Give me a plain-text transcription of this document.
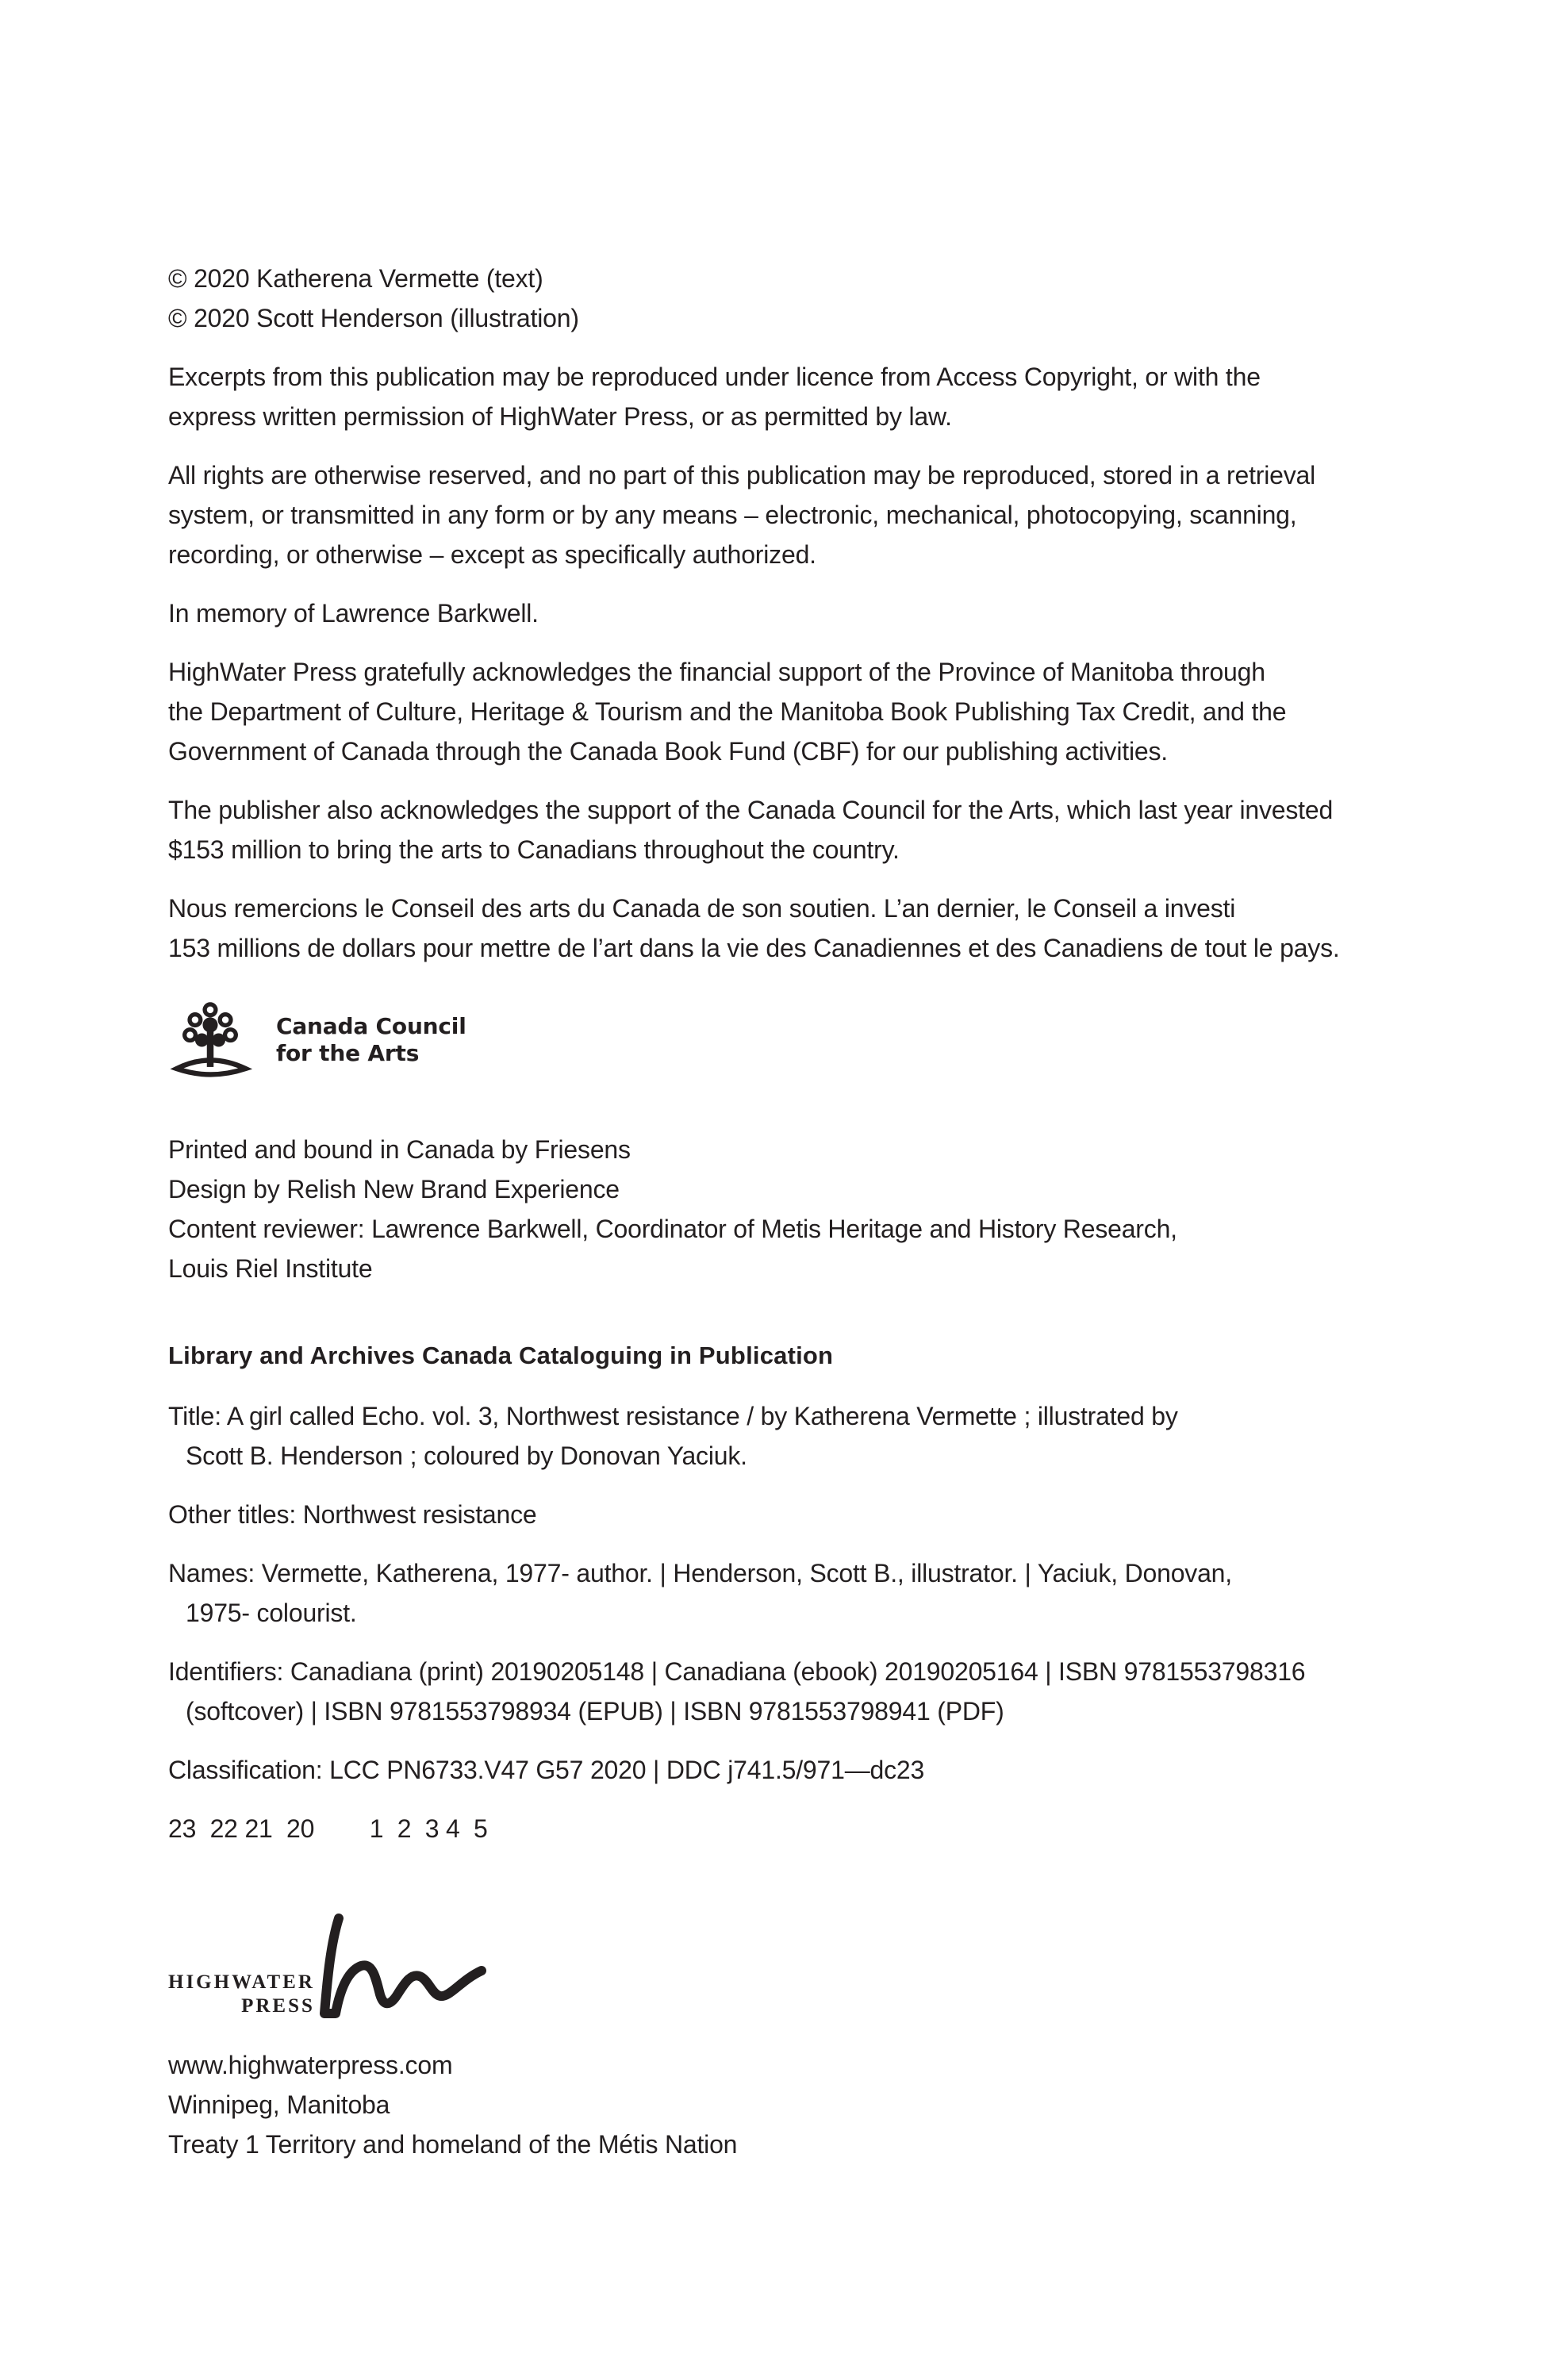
© 2020 Katherena Vermette (text)
© 2020 Scott Henderson (illustration)

Excerpts from this publication may be reproduced under licence from Access Copyright, or with the
express written permission of HighWater Press, or as permitted by law.

All rights are otherwise reserved, and no part of this publication may be reproduced, stored in a retrieval
system, or transmitted in any form or by any means – electronic, mechanical, photocopying, scanning,
recording, or otherwise – except as specifically authorized.

In memory of Lawrence Barkwell.

HighWater Press gratefully acknowledges the financial support of the Province of Manitoba through
the Department of Culture, Heritage & Tourism and the Manitoba Book Publishing Tax Credit, and the
Government of Canada through the Canada Book Fund (CBF) for our publishing activities.

The publisher also acknowledges the support of the Canada Council for the Arts, which last year invested
$153 million to bring the arts to Canadians throughout the country.

Nous remercions le Conseil des arts du Canada de son soutien. L’an dernier, le Conseil a investi
153 millions de dollars pour mettre de l’art dans la vie des Canadiennes et des Canadiens de tout le pays.

Canada Council
for the Arts

Printed and bound in Canada by Friesens
Design by Relish New Brand Experience
Content reviewer: Lawrence Barkwell, Coordinator of Metis Heritage and History Research,
Louis Riel Institute

Library and Archives Canada Cataloguing in Publication

Title: A girl called Echo. vol. 3, Northwest resistance / by Katherena Vermette ; illustrated by
Scott B. Henderson ; coloured by Donovan Yaciuk.

Other titles: Northwest resistance

Names: Vermette, Katherena, 1977- author. | Henderson, Scott B., illustrator. | Yaciuk, Donovan,
1975- colourist.

Identifiers: Canadiana (print) 20190205148 | Canadiana (ebook) 20190205164 | ISBN 9781553798316
(softcover) | ISBN 9781553798934 (EPUB) | ISBN 9781553798941 (PDF)

Classification: LCC PN6733.V47 G57 2020 | DDC j741.5/971—dc23

23  22 21  20        1  2  3 4  5

HIGHWATER
PRESS

www.highwaterpress.com
Winnipeg, Manitoba
Treaty 1 Territory and homeland of the Métis Nation
